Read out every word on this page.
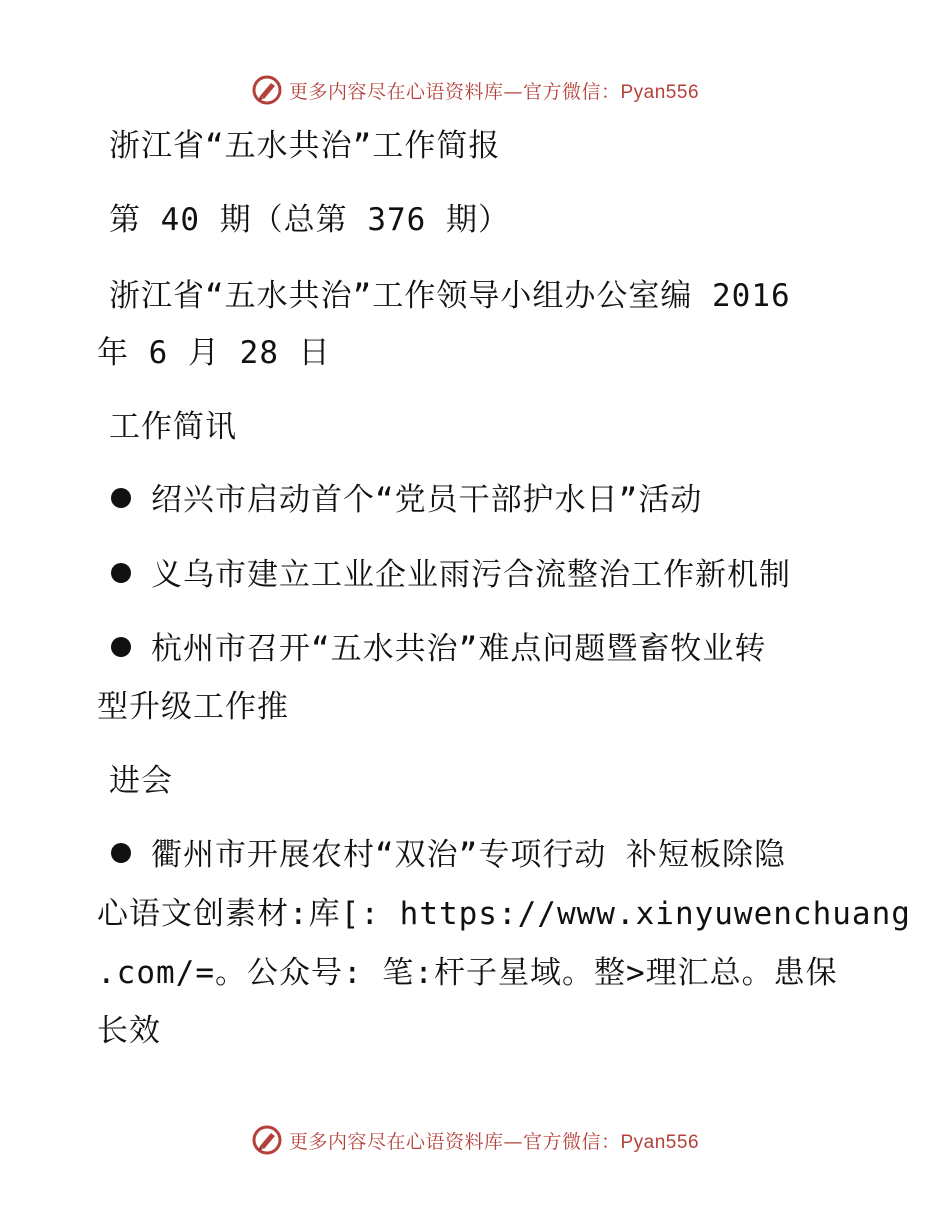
更多内容尽在心语资料库—官方微信：Pyan556
浙江省“五水共治”工作简报
第 40 期（总第 376 期）
浙江省“五水共治”工作领导小组办公室编 2016
年 6 月 28 日
工作简讯
绍兴市启动首个“党员干部护水日”活动
义乌市建立工业企业雨污合流整治工作新机制
杭州市召开“五水共治”难点问题暨畜牧业转
型升级工作推
进会
衢州市开展农村“双治”专项行动 补短板除隐
心语文创素材:库[: https://www.xinyuwenchuang
.com/=。公众号: 笔:杆子星域。整>理汇总。患保
长效
更多内容尽在心语资料库—官方微信：Pyan556
